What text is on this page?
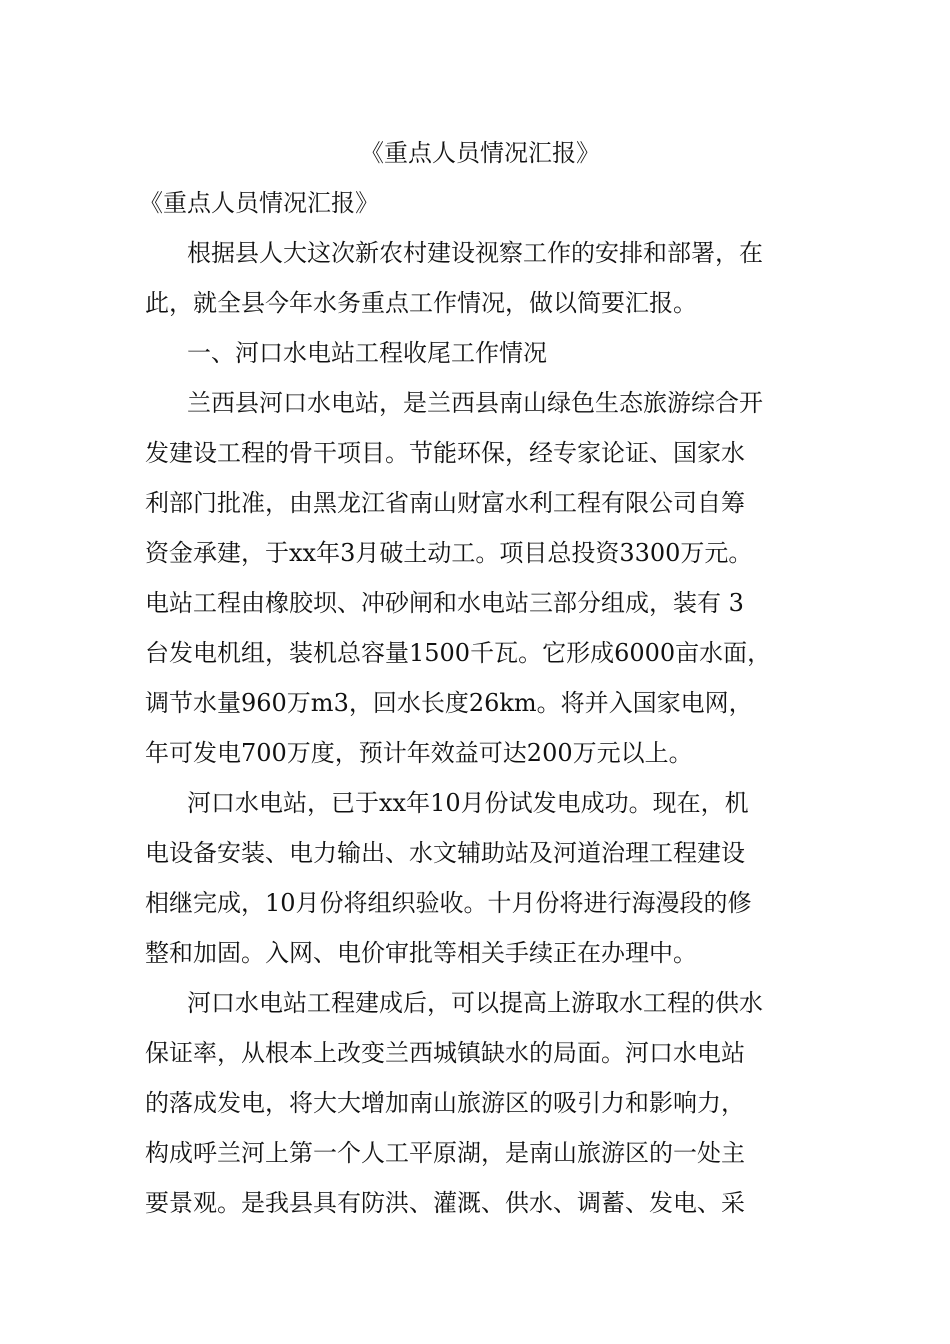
《重点人员情况汇报》
《重点人员情况汇报》
根据县人大这次新农村建设视察工作的安排和部署，在
此，就全县今年水务重点工作情况，做以简要汇报。
一、河口水电站工程收尾工作情况
兰西县河口水电站，是兰西县南山绿色生态旅游综合开
发建设工程的骨干项目。节能环保，经专家论证、国家水
利部门批准，由黑龙江省南山财富水利工程有限公司自筹
资金承建，于xx年3月破土动工。项目总投资3300万元。
电站工程由橡胶坝、冲砂闸和水电站三部分组成，装有 3
台发电机组，装机总容量1500千瓦。它形成6000亩水面，
调节水量960万m3，回水长度26km。将并入国家电网，
年可发电700万度，预计年效益可达200万元以上。
河口水电站，已于xx年10月份试发电成功。现在，机
电设备安装、电力输出、水文辅助站及河道治理工程建设
相继完成，10月份将组织验收。十月份将进行海漫段的修
整和加固。入网、电价审批等相关手续正在办理中。
河口水电站工程建成后，可以提高上游取水工程的供水
保证率，从根本上改变兰西城镇缺水的局面。河口水电站
的落成发电，将大大增加南山旅游区的吸引力和影响力，
构成呼兰河上第一个人工平原湖，是南山旅游区的一处主
要景观。是我县具有防洪、灌溉、供水、调蓄、发电、采
